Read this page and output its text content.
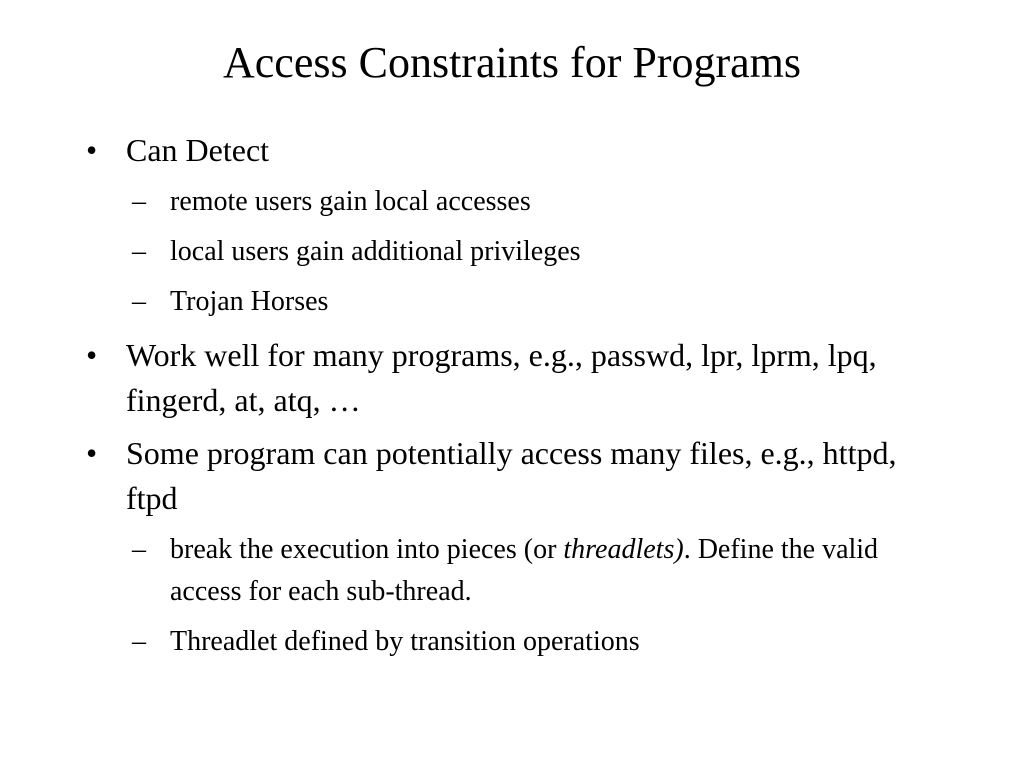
Access Constraints for Programs
• Can Detect
– remote users gain local accesses
– local users gain additional privileges
– Trojan Horses
• Work well for many programs, e.g., passwd, lpr, lprm, lpq, fingerd, at, atq, …
• Some program can potentially access many files, e.g., httpd, ftpd
– break the execution into pieces (or threadlets). Define the valid access for each sub-thread.
– Threadlet defined by transition operations
